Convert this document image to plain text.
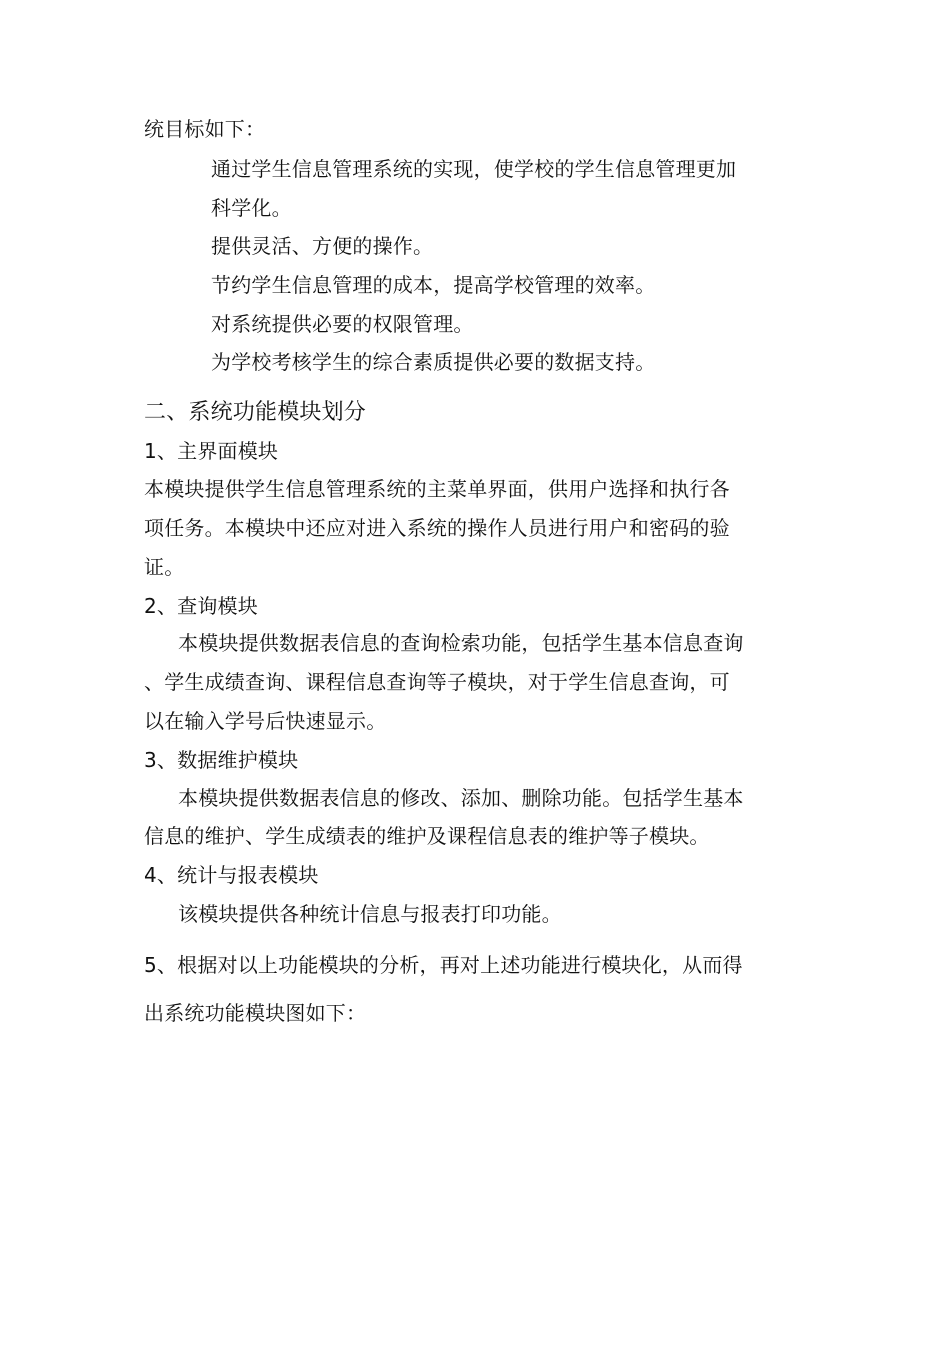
统目标如下：
通过学生信息管理系统的实现，使学校的学生信息管理更加
科学化。
提供灵活、方便的操作。
节约学生信息管理的成本，提高学校管理的效率。
对系统提供必要的权限管理。
为学校考核学生的综合素质提供必要的数据支持。
二、系统功能模块划分
1、主界面模块
本模块提供学生信息管理系统的主菜单界面，供用户选择和执行各
项任务。本模块中还应对进入系统的操作人员进行用户和密码的验
证。
2、查询模块
本模块提供数据表信息的查询检索功能，包括学生基本信息查询
、学生成绩查询、课程信息查询等子模块，对于学生信息查询，可
以在输入学号后快速显示。
3、数据维护模块
本模块提供数据表信息的修改、添加、删除功能。包括学生基本
信息的维护、学生成绩表的维护及课程信息表的维护等子模块。
4、统计与报表模块
该模块提供各种统计信息与报表打印功能。
5、根据对以上功能模块的分析，再对上述功能进行模块化，从而得
出系统功能模块图如下：
